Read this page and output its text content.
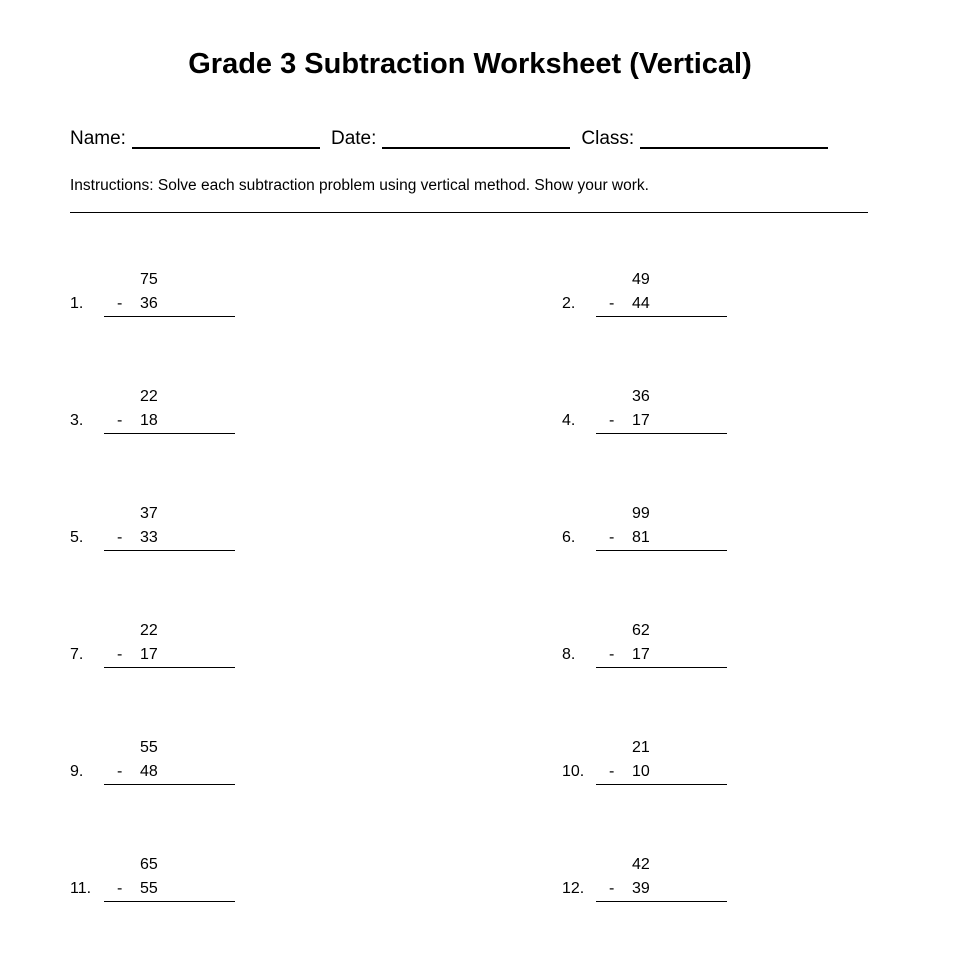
Grade 3 Subtraction Worksheet (Vertical)
Name:	Date:	Class:
Instructions: Solve each subtraction problem using vertical method. Show your work.
1.
75
- 36	2.
49
- 44
3.
22
- 18	4.
36
- 17
5.
37
- 33	6.
99
- 81
7.
22
- 17	8.
62
- 17
9.
55
- 48	10.
21
- 10
11.
65
- 55	12.
42
- 39
